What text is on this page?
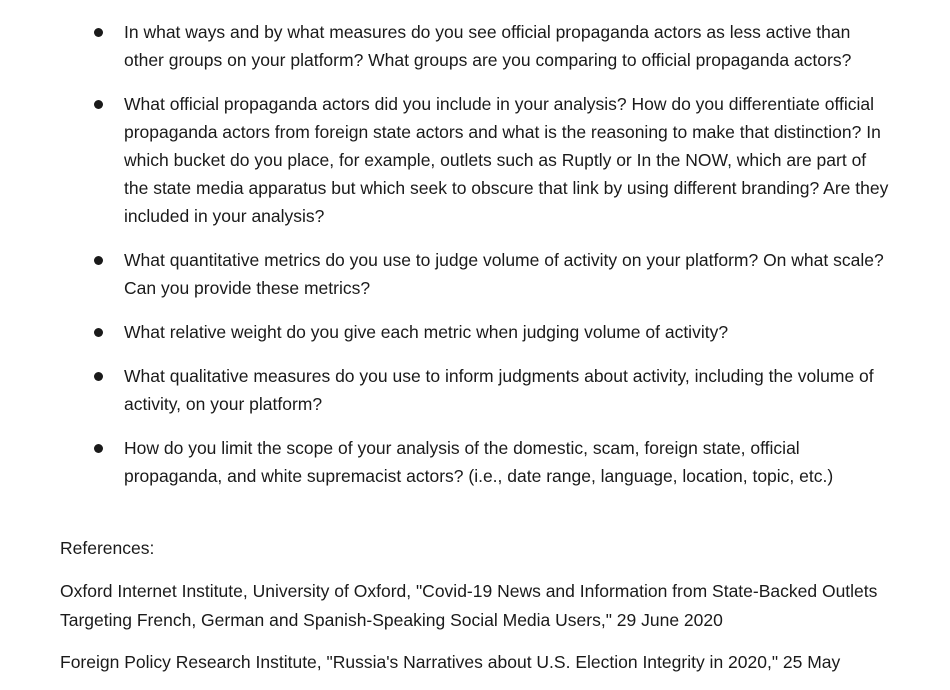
In what ways and by what measures do you see official propaganda actors as less active than other groups on your platform? What groups are you comparing to official propaganda actors?
What official propaganda actors did you include in your analysis? How do you differentiate official propaganda actors from foreign state actors and what is the reasoning to make that distinction? In which bucket do you place, for example, outlets such as Ruptly or In the NOW, which are part of the state media apparatus but which seek to obscure that link by using different branding? Are they included in your analysis?
What quantitative metrics do you use to judge volume of activity on your platform? On what scale? Can you provide these metrics?
What relative weight do you give each metric when judging volume of activity?
What qualitative measures do you use to inform judgments about activity, including the volume of activity, on your platform?
How do you limit the scope of your analysis of the domestic, scam, foreign state, official propaganda, and white supremacist actors? (i.e., date range, language, location, topic, etc.)

References:

Oxford Internet Institute, University of Oxford, "Covid-19 News and Information from State-Backed Outlets Targeting French, German and Spanish-Speaking Social Media Users," 29 June 2020

Foreign Policy Research Institute, "Russia's Narratives about U.S. Election Integrity in 2020," 25 May
